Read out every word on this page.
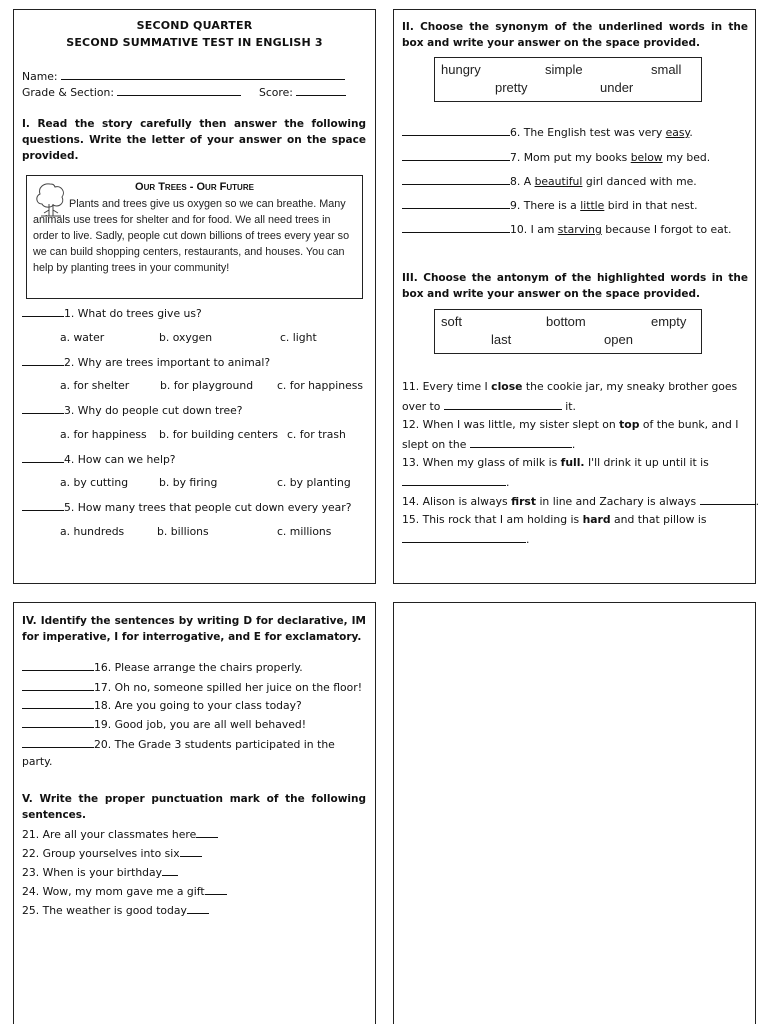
SECOND QUARTER
SECOND SUMMATIVE TEST IN ENGLISH 3
Name:
Grade & Section:	Score:
I. Read the story carefully then answer the following questions. Write the letter of your answer on the space provided.
Our Trees - Our Future
Plants and trees give us oxygen so we can breathe. Many animals use trees for shelter and for food. We all need trees in order to live. Sadly, people cut down billions of trees every year so we can build shopping centers, restaurants, and houses. You can help by planting trees in your community!
1. What do trees give us?
a. water	b. oxygen	c. light
2. Why are trees important to animal?
a. for shelter	b. for playground c. for happiness
3. Why do people cut down tree?
a. for happiness b. for building centers c. for trash
4. How can we help?
a. by cutting	b. by firing	c. by planting
5. How many trees that people cut down every year?
a. hundreds	b. billions	c. millions
II. Choose the synonym of the underlined words in the box and write your answer on the space provided.
hungry	simple	small
pretty	under
6. The English test was very easy.
7. Mom put my books below my bed.
8. A beautiful girl danced with me.
9. There is a little bird in that nest.
10. I am starving because I forgot to eat.
III. Choose the antonym of the highlighted words in the box and write your answer on the space provided.
soft	bottom	empty
last	open
11. Every time I close the cookie jar, my sneaky brother goes
over to	it.
12. When I was little, my sister slept on top of the bunk, and I
slept on the	.
13. When my glass of milk is full. I'll drink it up until it is
.
14. Alison is always first in line and Zachary is always	.
15. This rock that I am holding is hard and that pillow is
.
IV. Identify the sentences by writing D for declarative, IM for imperative, I for interrogative, and E for exclamatory.
16. Please arrange the chairs properly.
17. Oh no, someone spilled her juice on the floor!
18. Are you going to your class today?
19. Good job, you are all well behaved!
20. The Grade 3 students participated in the
party.
V. Write the proper punctuation mark of the following sentences.
21. Are all your classmates here
22. Group yourselves into six
23. When is your birthday
24. Wow, my mom gave me a gift
25. The weather is good today
